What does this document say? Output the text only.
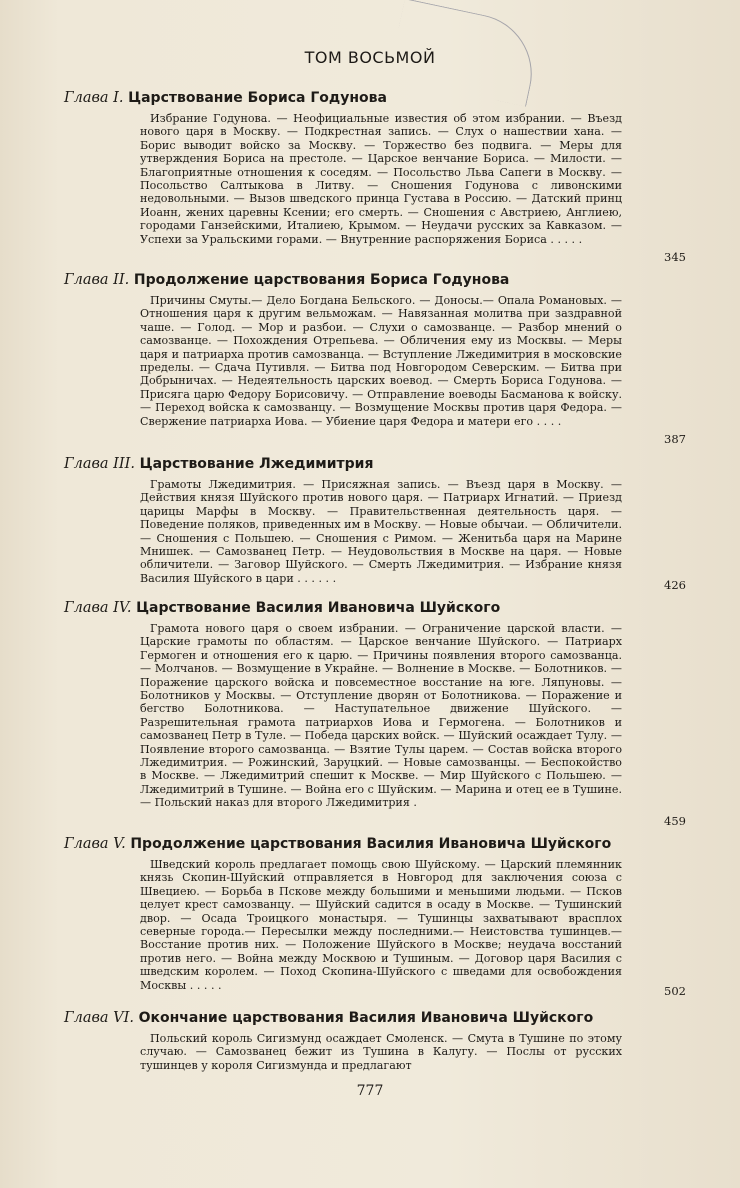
ТОМ ВОСЬМОЙ
Глава I. Царствование Бориса Годунова
Избрание Годунова. — Неофициальные известия об этом избрании. — Въезд нового царя в Москву. — Подкрестная запись. — Слух о нашествии хана. — Борис выводит войско за Москву. — Торжество без подвига. — Меры для утверждения Бориса на престоле. — Царское венчание Бориса. — Милости. — Благоприятные отношения к соседям. — Посольство Льва Сапеги в Москву. — Посольство Салтыкова в Литву. — Сношения Годунова с ливонскими недовольными. — Вызов шведского принца Густава в Россию. — Датский принц Иоанн, жених царевны Ксении; его смерть. — Сношения с Австриею, Англиею, городами Ганзейскими, Италиею, Крымом. — Неудачи русских за Кавказом. — Успехи за Уральскими горами. — Внутренние распоряжения Бориса . . . . .
345
Глава II. Продолжение царствования Бориса Годунова
Причины Смуты.— Дело Богдана Бельского. — Доносы.— Опала Романовых. — Отношения царя к другим вельможам. — Навязанная молитва при заздравной чаше. — Голод. — Мор и разбои. — Слухи о самозванце. — Разбор мнений о самозванце. — Похождения Отрепьева. — Обличения ему из Москвы. — Меры царя и патриарха против самозванца. — Вступление Лжедимитрия в московские пределы. — Сдача Путивля. — Битва под Новгородом Северским. — Битва при Добрыничах. — Недеятельность царских воевод. — Смерть Бориса Годунова. — Присяга царю Федору Борисовичу. — Отправление воеводы Басманова к войску. — Переход войска к самозванцу. — Возмущение Москвы против царя Федора. — Свержение патриарха Иова. — Убиение царя Федора и матери его . . . .
387
Глава III. Царствование Лжедимитрия
Грамоты Лжедимитрия. — Присяжная запись. — Въезд царя в Москву. — Действия князя Шуйского против нового царя. — Патриарх Игнатий. — Приезд царицы Марфы в Москву. — Правительственная деятельность царя. — Поведение поляков, приведенных им в Москву. — Новые обычаи. — Обличители. — Сношения с Польшею. — Сношения с Римом. — Женитьба царя на Марине Мнишек. — Самозванец Петр. — Неудовольствия в Москве на царя. — Новые обличители. — Заговор Шуйского. — Смерть Лжедимитрия. — Избрание князя Василия Шуйского в цари . . . . . .	426
Глава IV. Царствование Василия Ивановича Шуйского
Грамота нового царя о своем избрании. — Ограничение царской власти. — Царские грамоты по областям. — Царское венчание Шуйского. — Патриарх Гермоген и отношения его к царю. — Причины появления второго самозванца. — Молчанов. — Возмущение в Украйне. — Волнение в Москве. — Болотников. — Поражение царского войска и повсеместное восстание на юге. Ляпуновы. — Болотников у Москвы. — Отступление дворян от Болотникова. — Поражение и бегство Болотникова. — Наступательное движение Шуйского. — Разрешительная грамота патриархов Иова и Гермогена. — Болотников и самозванец Петр в Туле. — Победа царских войск. — Шуйский осаждает Тулу. — Появление второго самозванца. — Взятие Тулы царем. — Состав войска второго Лжедимитрия. — Рожинский, Заруцкий. — Новые самозванцы. — Беспокойство в Москве. — Лжедимитрий спешит к Москве. — Мир Шуйского с Польшею. — Лжедимитрий в Тушине. — Война его с Шуйским. — Марина и отец ее в Тушине. — Польский наказ для второго Лжедимитрия .
459
Глава V. Продолжение царствования Василия Ивановича Шуйского
Шведский король предлагает помощь свою Шуйскому. — Царский племянник князь Скопин-Шуйский отправляется в Новгород для заключения союза с Швециею. — Борьба в Пскове между большими и меньшими людьми. — Псков целует крест самозванцу. — Шуйский садится в осаду в Москве. — Тушинский двор. — Осада Троицкого монастыря. — Тушинцы захватывают врасплох северные города.— Пересылки между последними.— Неистовства тушинцев.— Восстание против них. — Положение Шуйского в Москве; неудача восстаний против него. — Война между Москвою и Тушиным. — Договор царя Василия с шведским королем. — Поход Скопина-Шуйского с шведами для освобождения Москвы . . . . .	502
Глава VI. Окончание царствования Василия Ивановича Шуйского
Польский король Сигизмунд осаждает Смоленск. — Смута в Тушине по этому случаю. — Самозванец бежит из Тушина в Калугу. — Послы от русских тушинцев у короля Сигизмунда и предлагают
777
